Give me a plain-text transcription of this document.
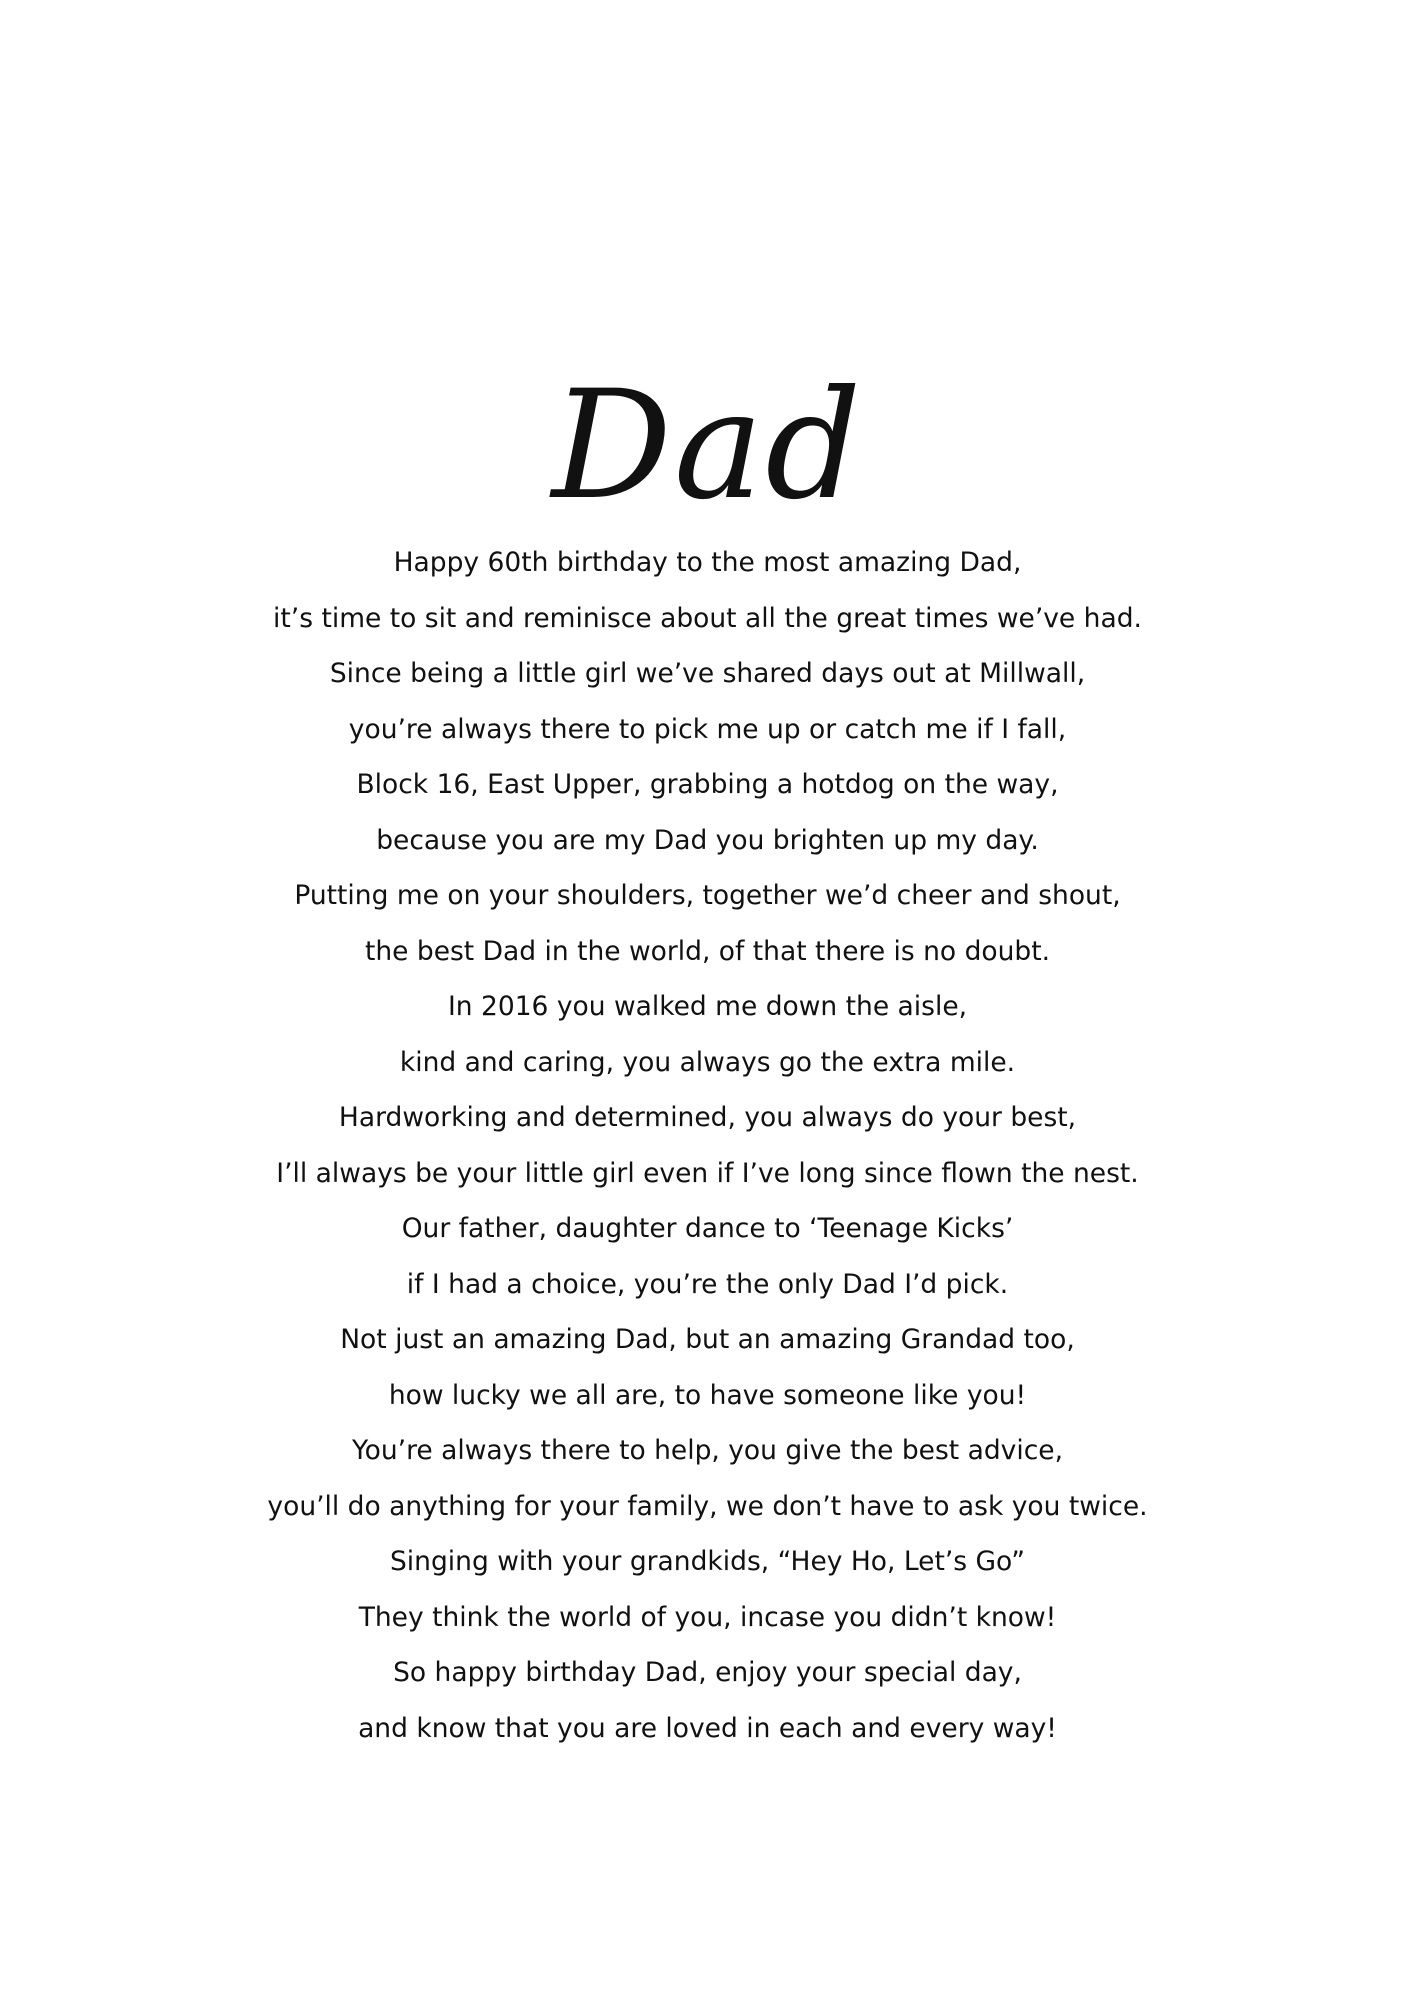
Dad
Happy 60th birthday to the most amazing Dad,
it’s time to sit and reminisce about all the great times we’ve had.
Since being a little girl we’ve shared days out at Millwall,
you’re always there to pick me up or catch me if I fall,
Block 16, East Upper, grabbing a hotdog on the way,
because you are my Dad you brighten up my day.
Putting me on your shoulders, together we’d cheer and shout,
the best Dad in the world, of that there is no doubt.
In 2016 you walked me down the aisle,
kind and caring, you always go the extra mile.
Hardworking and determined, you always do your best,
I’ll always be your little girl even if I’ve long since flown the nest.
Our father, daughter dance to ‘Teenage Kicks’
if I had a choice, you’re the only Dad I’d pick.
Not just an amazing Dad, but an amazing Grandad too,
how lucky we all are, to have someone like you!
You’re always there to help, you give the best advice,
you’ll do anything for your family, we don’t have to ask you twice.
Singing with your grandkids, “Hey Ho, Let’s Go”
They think the world of you, incase you didn’t know!
So happy birthday Dad, enjoy your special day,
and know that you are loved in each and every way!
